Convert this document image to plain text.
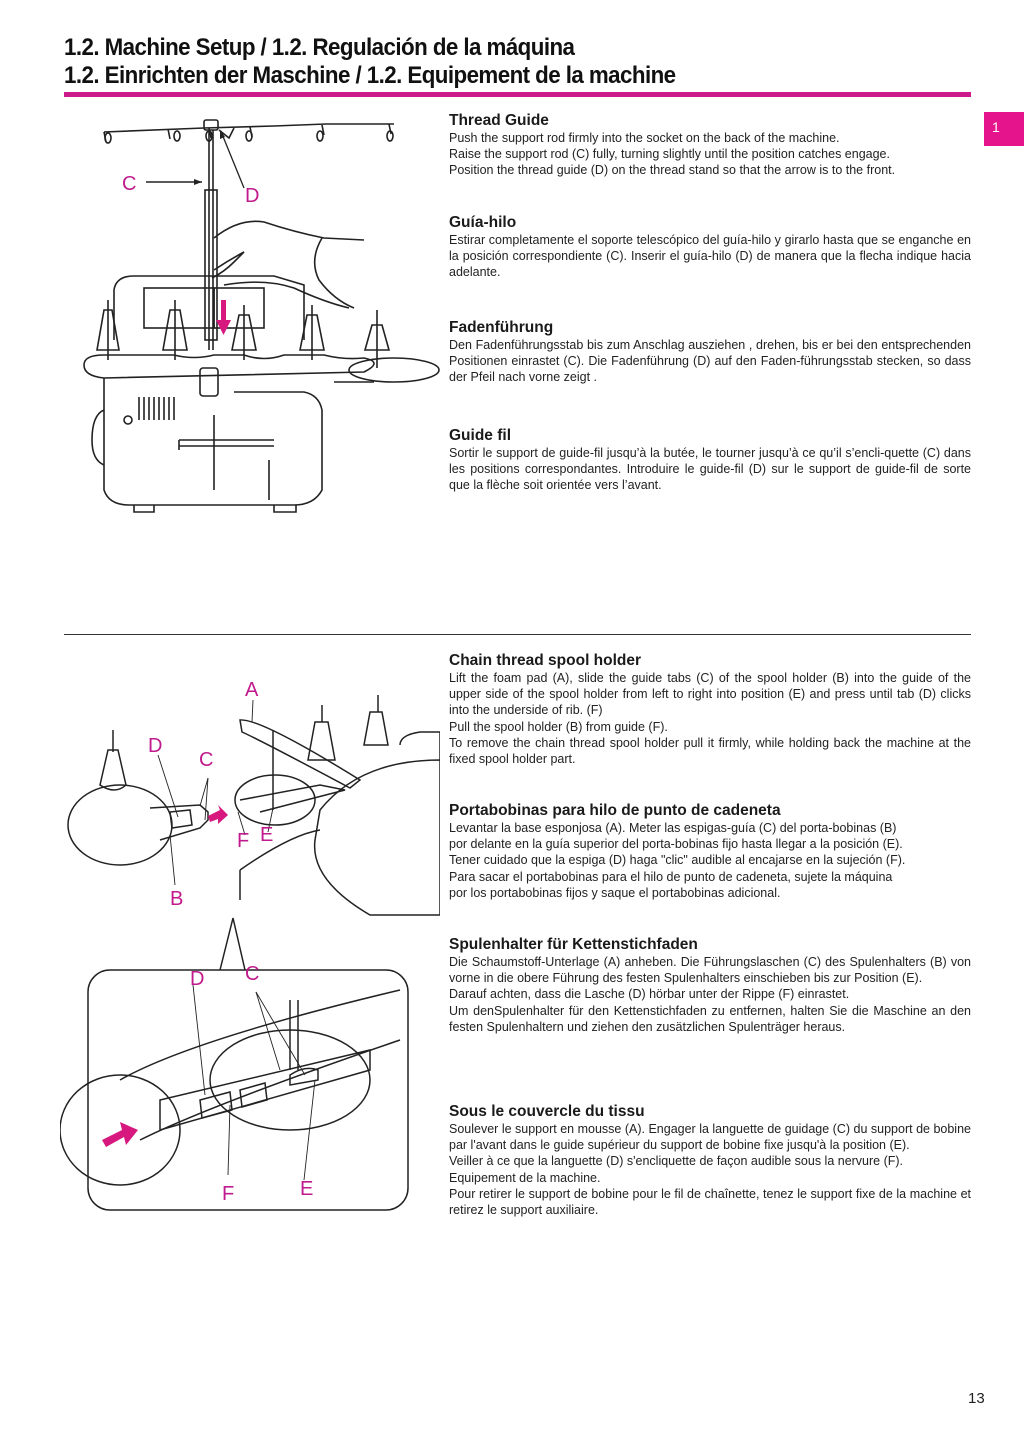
1.2. Machine Setup / 1.2. Regulación de la máquina
1.2. Einrichten der Maschine / 1.2. Equipement de la machine
1
C
D
Thread Guide

Push the support rod firmly into the socket on the back of the machine.

Raise the support rod (C) fully, turning slightly until the position catches engage.

Position the thread guide (D) on the thread stand so that the arrow is to the front.

Guía-hilo

Estirar completamente el soporte telescópico del guía-hilo y girarlo hasta que se enganche en la posición correspondiente (C). Inserir el guía-hilo (D) de manera que la flecha indique hacia adelante.

Fadenführung

Den Fadenführungsstab bis zum Anschlag ausziehen , drehen, bis er bei den entsprechenden Positionen einrastet (C). Die Fadenführung (D) auf den Faden-führungsstab stecken, so dass der Pfeil nach vorne zeigt .

Guide fil

Sortir le support de guide-fil jusqu’à la butée, le tourner jusqu’à ce qu’il s’encli-quette (C) dans les positions correspondantes. Introduire le guide-fil (D) sur le support de guide-fil de sorte que la flèche soit orientée vers l’avant.

A
D
C
F E
B
D C
F	E
Chain thread spool holder

Lift the foam pad (A), slide the guide tabs (C) of the spool holder (B) into the guide of the upper side of the spool holder from left to right into position (E) and press until tab (D) clicks into the underside of rib. (F)

Pull the spool holder (B) from guide (F).

To remove the chain thread spool holder pull it firmly, while holding back the machine at the fixed spool holder part.

Portabobinas para hilo de punto de cadeneta

Levantar la base esponjosa (A). Meter las espigas-guía (C) del porta-bobinas (B)

por delante en la guía superior del porta-bobinas fijo hasta llegar a la posición (E).

Tener cuidado que la espiga (D) haga "clic" audible al encajarse en la sujeción (F).

Para sacar el portabobinas para el hilo de punto de cadeneta, sujete la máquina

por los portabobinas fijos y saque el portabobinas adicional.

Spulenhalter für Kettenstichfaden

Die Schaumstoff-Unterlage (A) anheben. Die Führungslaschen (C) des Spulenhalters (B) von vorne in die obere Führung des festen Spulenhalters einschieben bis zur Position (E).

Darauf achten, dass die Lasche (D) hörbar unter der Rippe (F) einrastet.

Um denSpulenhalter für den Kettenstichfaden zu entfernen, halten Sie die Maschine an den festen Spulenhaltern und ziehen den zusätzlichen Spulenträger heraus.

Sous le couvercle du tissu

Soulever le support en mousse (A). Engager la languette de guidage (C) du support de bobine par l'avant dans le guide supérieur du support de bobine fixe jusqu'à la position (E).

Veiller à ce que la languette (D) s'encliquette de façon audible sous la nervure (F).

Equipement de la machine.

Pour retirer le support de bobine pour le fil de chaînette, tenez le support fixe de la machine et retirez le support auxiliaire.

13
